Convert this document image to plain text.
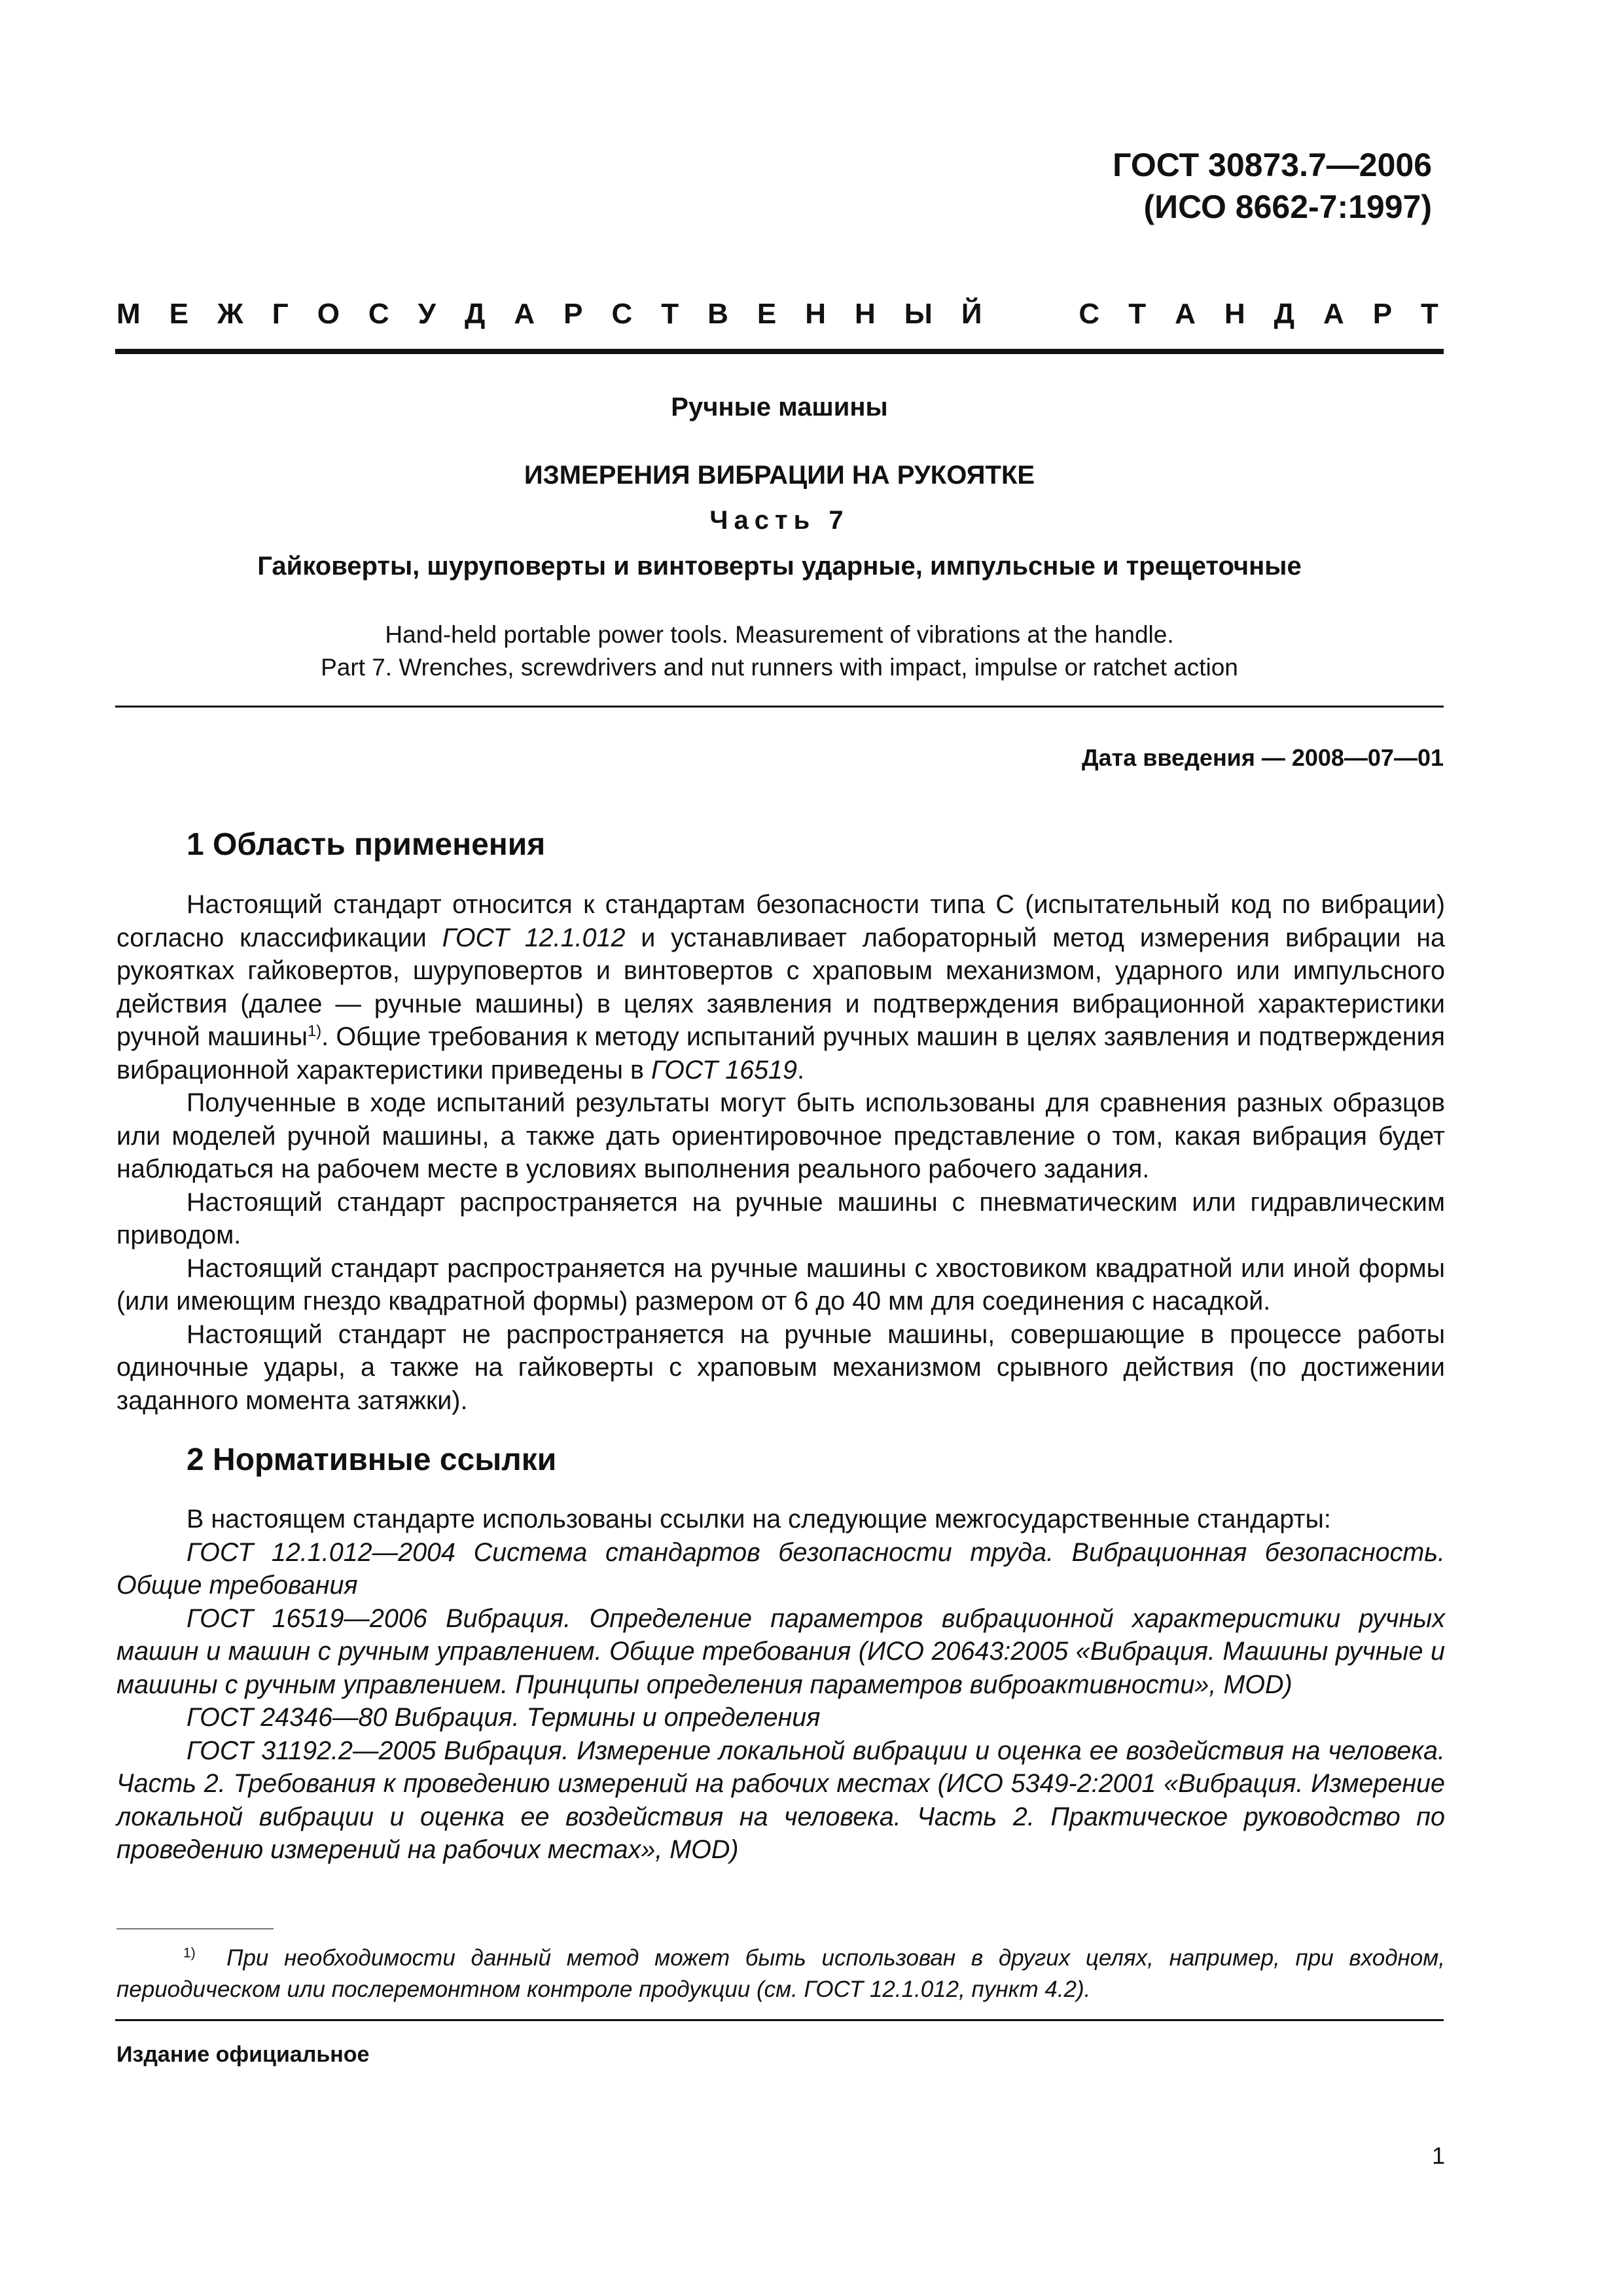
ГОСТ 30873.7—2006
(ИСО 8662-7:1997)
М Е Ж Г О С У Д А Р С Т В Е Н Н Ы Й	С Т А Н Д А Р Т
Ручные машины
ИЗМЕРЕНИЯ ВИБРАЦИИ НА РУКОЯТКЕ
Часть 7
Гайковерты, шуруповерты и винтоверты ударные, импульсные и трещеточные
Hand-held portable power tools. Measurement of vibrations at the handle.
Part 7. Wrenches, screwdrivers and nut runners with impact, impulse or ratchet action
Дата введения — 2008—07—01
1 Область применения

Настоящий стандарт относится к стандартам безопасности типа С (испытательный код по вибрации) согласно классификации ГОСТ 12.1.012 и устанавливает лабораторный метод измерения вибрации на рукоятках гайковертов, шуруповертов и винтовертов с храповым механизмом, ударного или импульсного действия (далее — ручные машины) в целях заявления и подтверждения вибрационной характеристики ручной машины$^{1)}$. Общие требования к методу испытаний ручных машин в целях заявления и подтверждения вибрационной характеристики приведены в ГОСТ 16519.

Полученные в ходе испытаний результаты могут быть использованы для сравнения разных образцов или моделей ручной машины, а также дать ориентировочное представление о том, какая вибрация будет наблюдаться на рабочем месте в условиях выполнения реального рабочего задания.

Настоящий стандарт распространяется на ручные машины с пневматическим или гидравлическим приводом.

Настоящий стандарт распространяется на ручные машины с хвостовиком квадратной или иной формы (или имеющим гнездо квадратной формы) размером от 6 до 40 мм для соединения с насадкой.

Настоящий стандарт не распространяется на ручные машины, совершающие в процессе работы одиночные удары, а также на гайковерты с храповым механизмом срывного действия (по достижении заданного момента затяжки).

2 Нормативные ссылки

В настоящем стандарте использованы ссылки на следующие межгосударственные стандарты:

ГОСТ 12.1.012—2004 Система стандартов безопасности труда. Вибрационная безопасность. Общие требования

ГОСТ 16519—2006 Вибрация. Определение параметров вибрационной характеристики ручных машин и машин с ручным управлением. Общие требования (ИСО 20643:2005 «Вибрация. Машины ручные и машины с ручным управлением. Принципы определения параметров виброактивности», MOD)

ГОСТ 24346—80 Вибрация. Термины и определения

ГОСТ 31192.2—2005 Вибрация. Измерение локальной вибрации и оценка ее воздействия на человека. Часть 2. Требования к проведению измерений на рабочих местах (ИСО 5349-2:2001 «Вибрация. Измерение локальной вибрации и оценка ее воздействия на человека. Часть 2. Практическое руководство по проведению измерений на рабочих местах», MOD)

$^{1)}$ При необходимости данный метод может быть использован в других целях, например, при входном, периодическом или послеремонтном контроле продукции (см. ГОСТ 12.1.012, пункт 4.2).
Издание официальное
1
